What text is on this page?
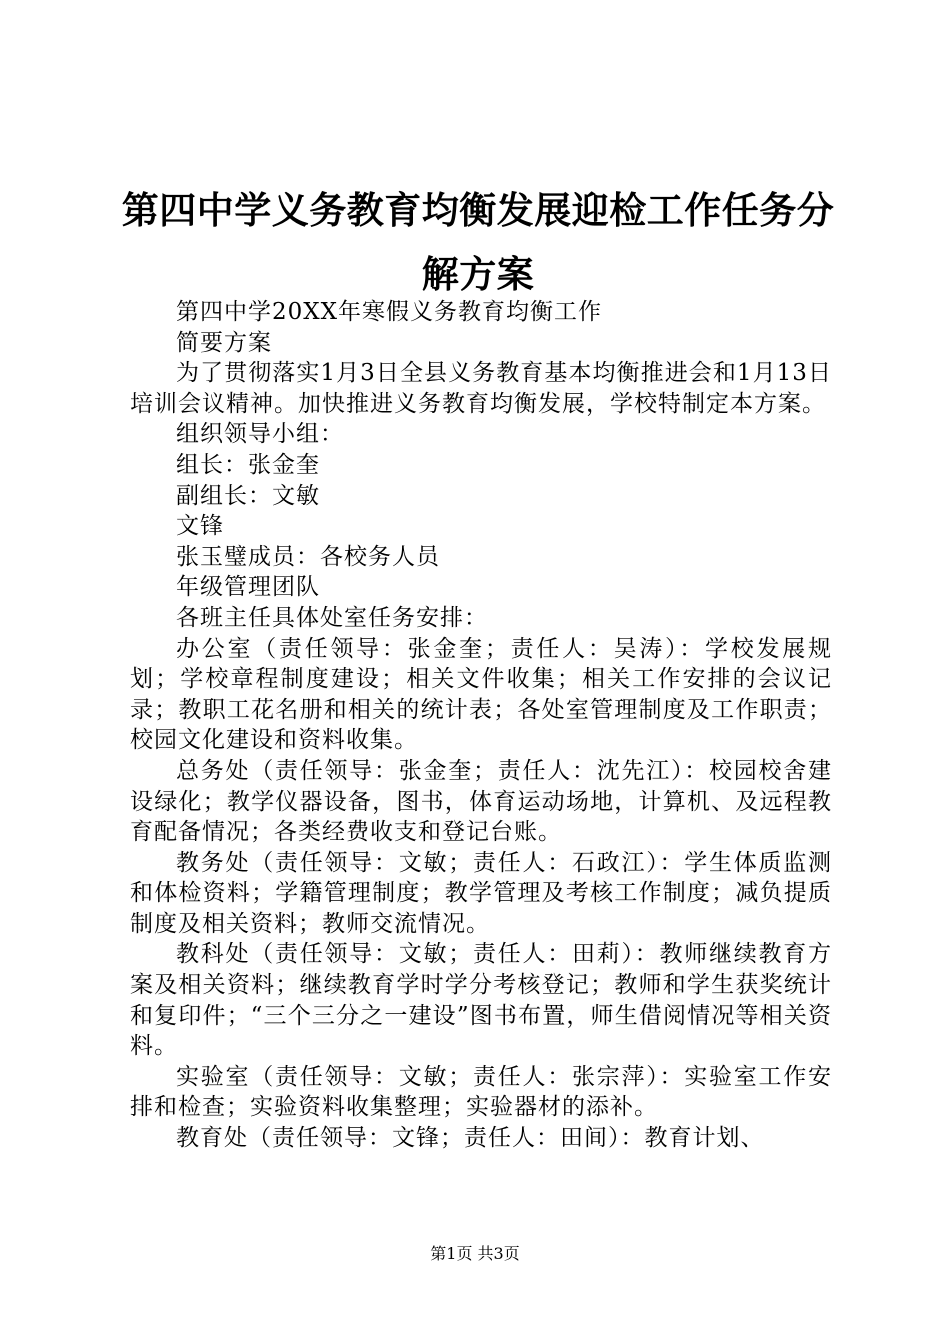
第四中学义务教育均衡发展迎检工作任务分解方案

第四中学20XX年寒假义务教育均衡工作

简要方案

为了贯彻落实1月3日全县义务教育基本均衡推进会和1月13日培训会议精神。加快推进义务教育均衡发展，学校特制定本方案。

组织领导小组：

组长：张金奎

副组长：文敏

文锋

张玉璧成员：各校务人员

年级管理团队

各班主任具体处室任务安排：

办公室（责任领导：张金奎；责任人：吴涛）：学校发展规划；学校章程制度建设；相关文件收集；相关工作安排的会议记录；教职工花名册和相关的统计表；各处室管理制度及工作职责；校园文化建设和资料收集。

总务处（责任领导：张金奎；责任人：沈先江）：校园校舍建设绿化；教学仪器设备，图书，体育运动场地，计算机、及远程教育配备情况；各类经费收支和登记台账。

教务处（责任领导：文敏；责任人：石政江）：学生体质监测和体检资料；学籍管理制度；教学管理及考核工作制度；减负提质制度及相关资料；教师交流情况。

教科处（责任领导：文敏；责任人：田莉）：教师继续教育方案及相关资料；继续教育学时学分考核登记；教师和学生获奖统计和复印件；“三个三分之一建设”图书布置，师生借阅情况等相关资料。

实验室（责任领导：文敏；责任人：张宗萍）：实验室工作安排和检查；实验资料收集整理；实验器材的添补。

教育处（责任领导：文锋；责任人：田间）：教育计划、

第1页 共3页
